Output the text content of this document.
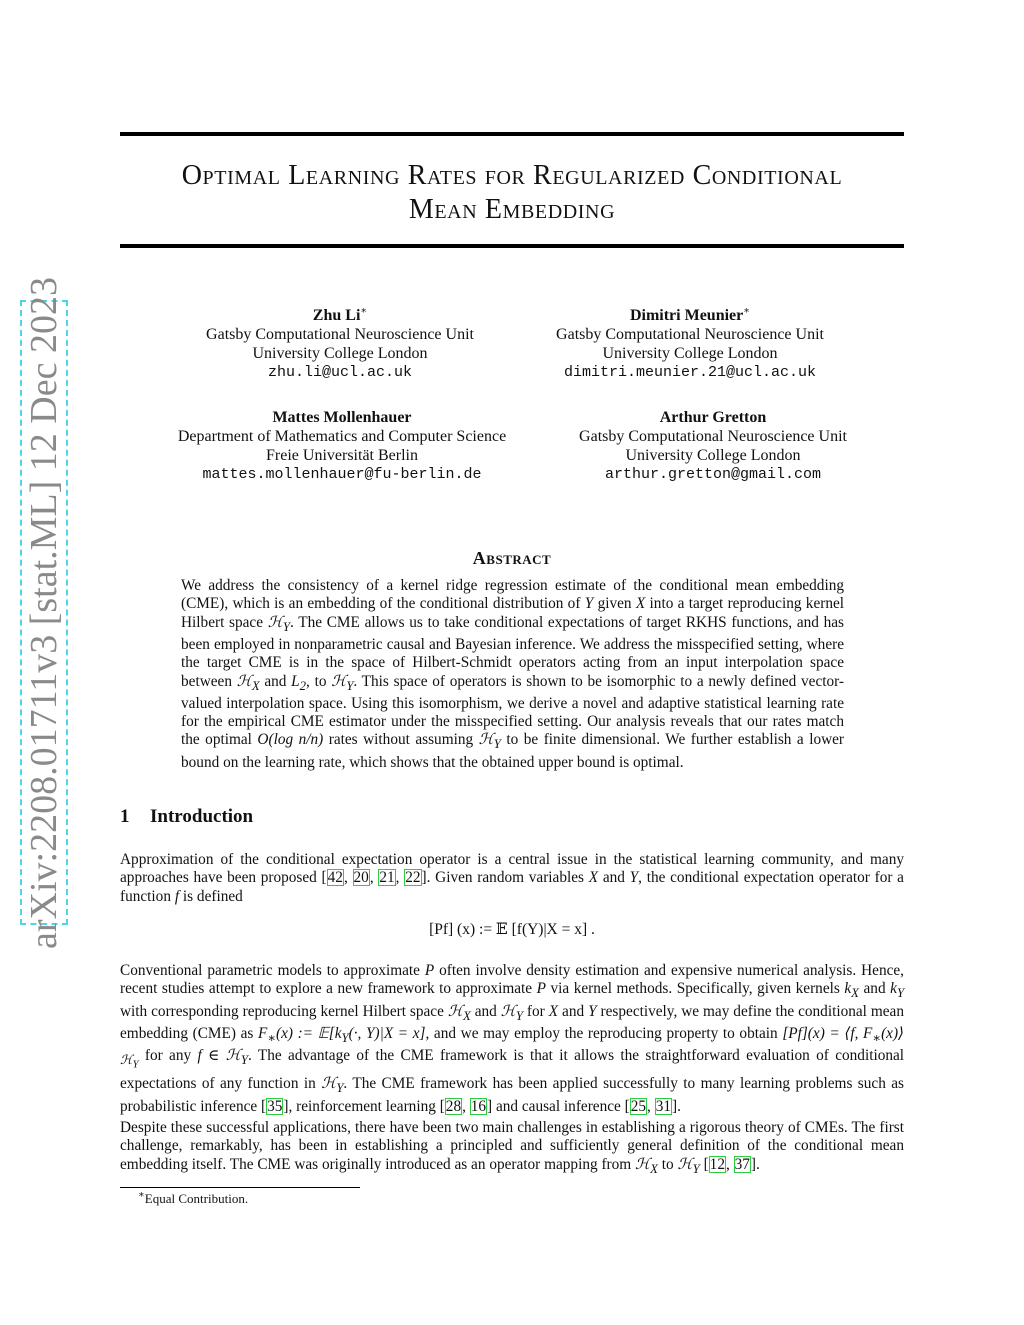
arXiv:2208.01711v3 [stat.ML] 12 Dec 2023
Optimal Learning Rates for Regularized Conditional
Mean Embedding
Zhu Li∗
Gatsby Computational Neuroscience Unit
University College London
zhu.li@ucl.ac.uk
Dimitri Meunier∗
Gatsby Computational Neuroscience Unit
University College London
dimitri.meunier.21@ucl.ac.uk
Mattes Mollenhauer
Department of Mathematics and Computer Science
Freie Universität Berlin
mattes.mollenhauer@fu-berlin.de
Arthur Gretton
Gatsby Computational Neuroscience Unit
University College London
arthur.gretton@gmail.com
Abstract
We address the consistency of a kernel ridge regression estimate of the conditional mean embedding (CME), which is an embedding of the conditional distribution of Y given X into a target reproducing kernel Hilbert space ℋ$_Y$. The CME allows us to take conditional expectations of target RKHS functions, and has been employed in nonparametric causal and Bayesian inference. We address the misspecified setting, where the target CME is in the space of Hilbert-Schmidt operators acting from an input interpolation space between ℋ$_X$ and $L_2$, to ℋ$_Y$. This space of operators is shown to be isomorphic to a newly defined vector-valued interpolation space. Using this isomorphism, we derive a novel and adaptive statistical learning rate for the empirical CME estimator under the misspecified setting. Our analysis reveals that our rates match the optimal O(log n/n) rates without assuming ℋ$_Y$ to be finite dimensional. We further establish a lower bound on the learning rate, which shows that the obtained upper bound is optimal.
1 Introduction
Approximation of the conditional expectation operator is a central issue in the statistical learning community, and many approaches have been proposed [42, 20, 21, 22]. Given random variables X and Y, the conditional expectation operator for a function f is defined
[Pf] (x) := 𝔼 [f(Y)|X = x] .
Conventional parametric models to approximate P often involve density estimation and expensive numerical analysis. Hence, recent studies attempt to explore a new framework to approximate P via kernel methods. Specifically, given kernels $k_X$ and $k_Y$ with corresponding reproducing kernel Hilbert space ℋ$_X$ and ℋ$_Y$ for X and Y respectively, we may define the conditional mean embedding (CME) as $F_∗(x)$ := $𝔼[k_Y(\cdot$, Y)|X = x], and we may employ the reproducing property to obtain [Pf](x) = ⟨f, $F_∗(x)⟩_{ℋ_Y}$ for any f ∈ ℋ$_Y$. The advantage of the CME framework is that it allows the straightforward evaluation of conditional expectations of any function in ℋ$_Y$. The CME framework has been applied successfully to many learning problems such as probabilistic inference [35], reinforcement learning [28, 16] and causal inference [25, 31].
Despite these successful applications, there have been two main challenges in establishing a rigorous theory of CMEs. The first challenge, remarkably, has been in establishing a principled and sufficiently general definition of the conditional mean embedding itself. The CME was originally introduced as an operator mapping from ℋ$_X$ to ℋ$_Y$ [12, 37].
∗Equal Contribution.
